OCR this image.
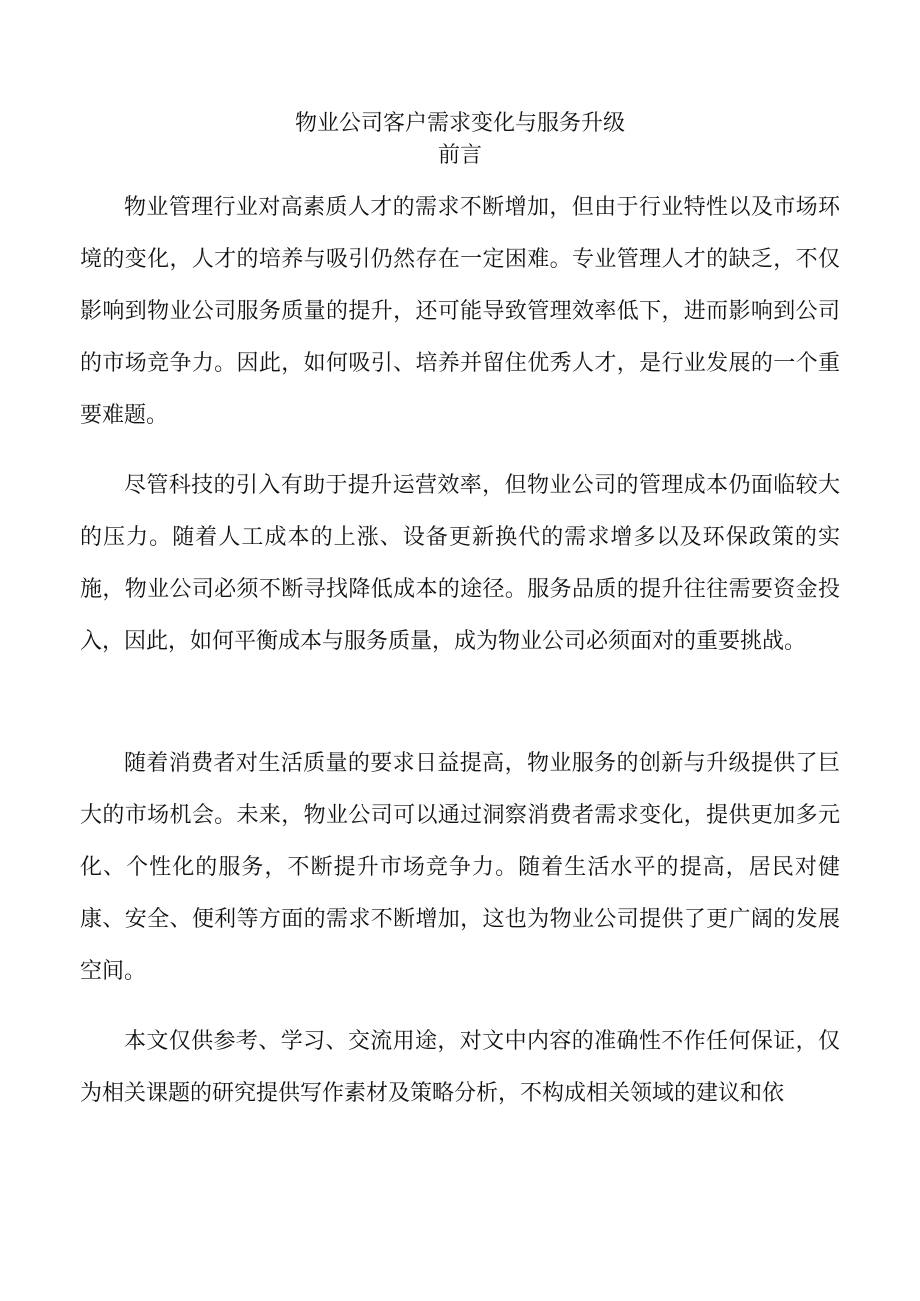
物业公司客户需求变化与服务升级
前言

物业管理行业对高素质人才的需求不断增加，但由于行业特性以及市场环境的变化，人才的培养与吸引仍然存在一定困难。专业管理人才的缺乏，不仅影响到物业公司服务质量的提升，还可能导致管理效率低下，进而影响到公司的市场竞争力。因此，如何吸引、培养并留住优秀人才，是行业发展的一个重要难题。

尽管科技的引入有助于提升运营效率，但物业公司的管理成本仍面临较大的压力。随着人工成本的上涨、设备更新换代的需求增多以及环保政策的实施，物业公司必须不断寻找降低成本的途径。服务品质的提升往往需要资金投入，因此，如何平衡成本与服务质量，成为物业公司必须面对的重要挑战。

随着消费者对生活质量的要求日益提高，物业服务的创新与升级提供了巨大的市场机会。未来，物业公司可以通过洞察消费者需求变化，提供更加多元化、个性化的服务，不断提升市场竞争力。随着生活水平的提高，居民对健康、安全、便利等方面的需求不断增加，这也为物业公司提供了更广阔的发展空间。

本文仅供参考、学习、交流用途，对文中内容的准确性不作任何保证，仅为相关课题的研究提供写作素材及策略分析，不构成相关领域的建议和依
